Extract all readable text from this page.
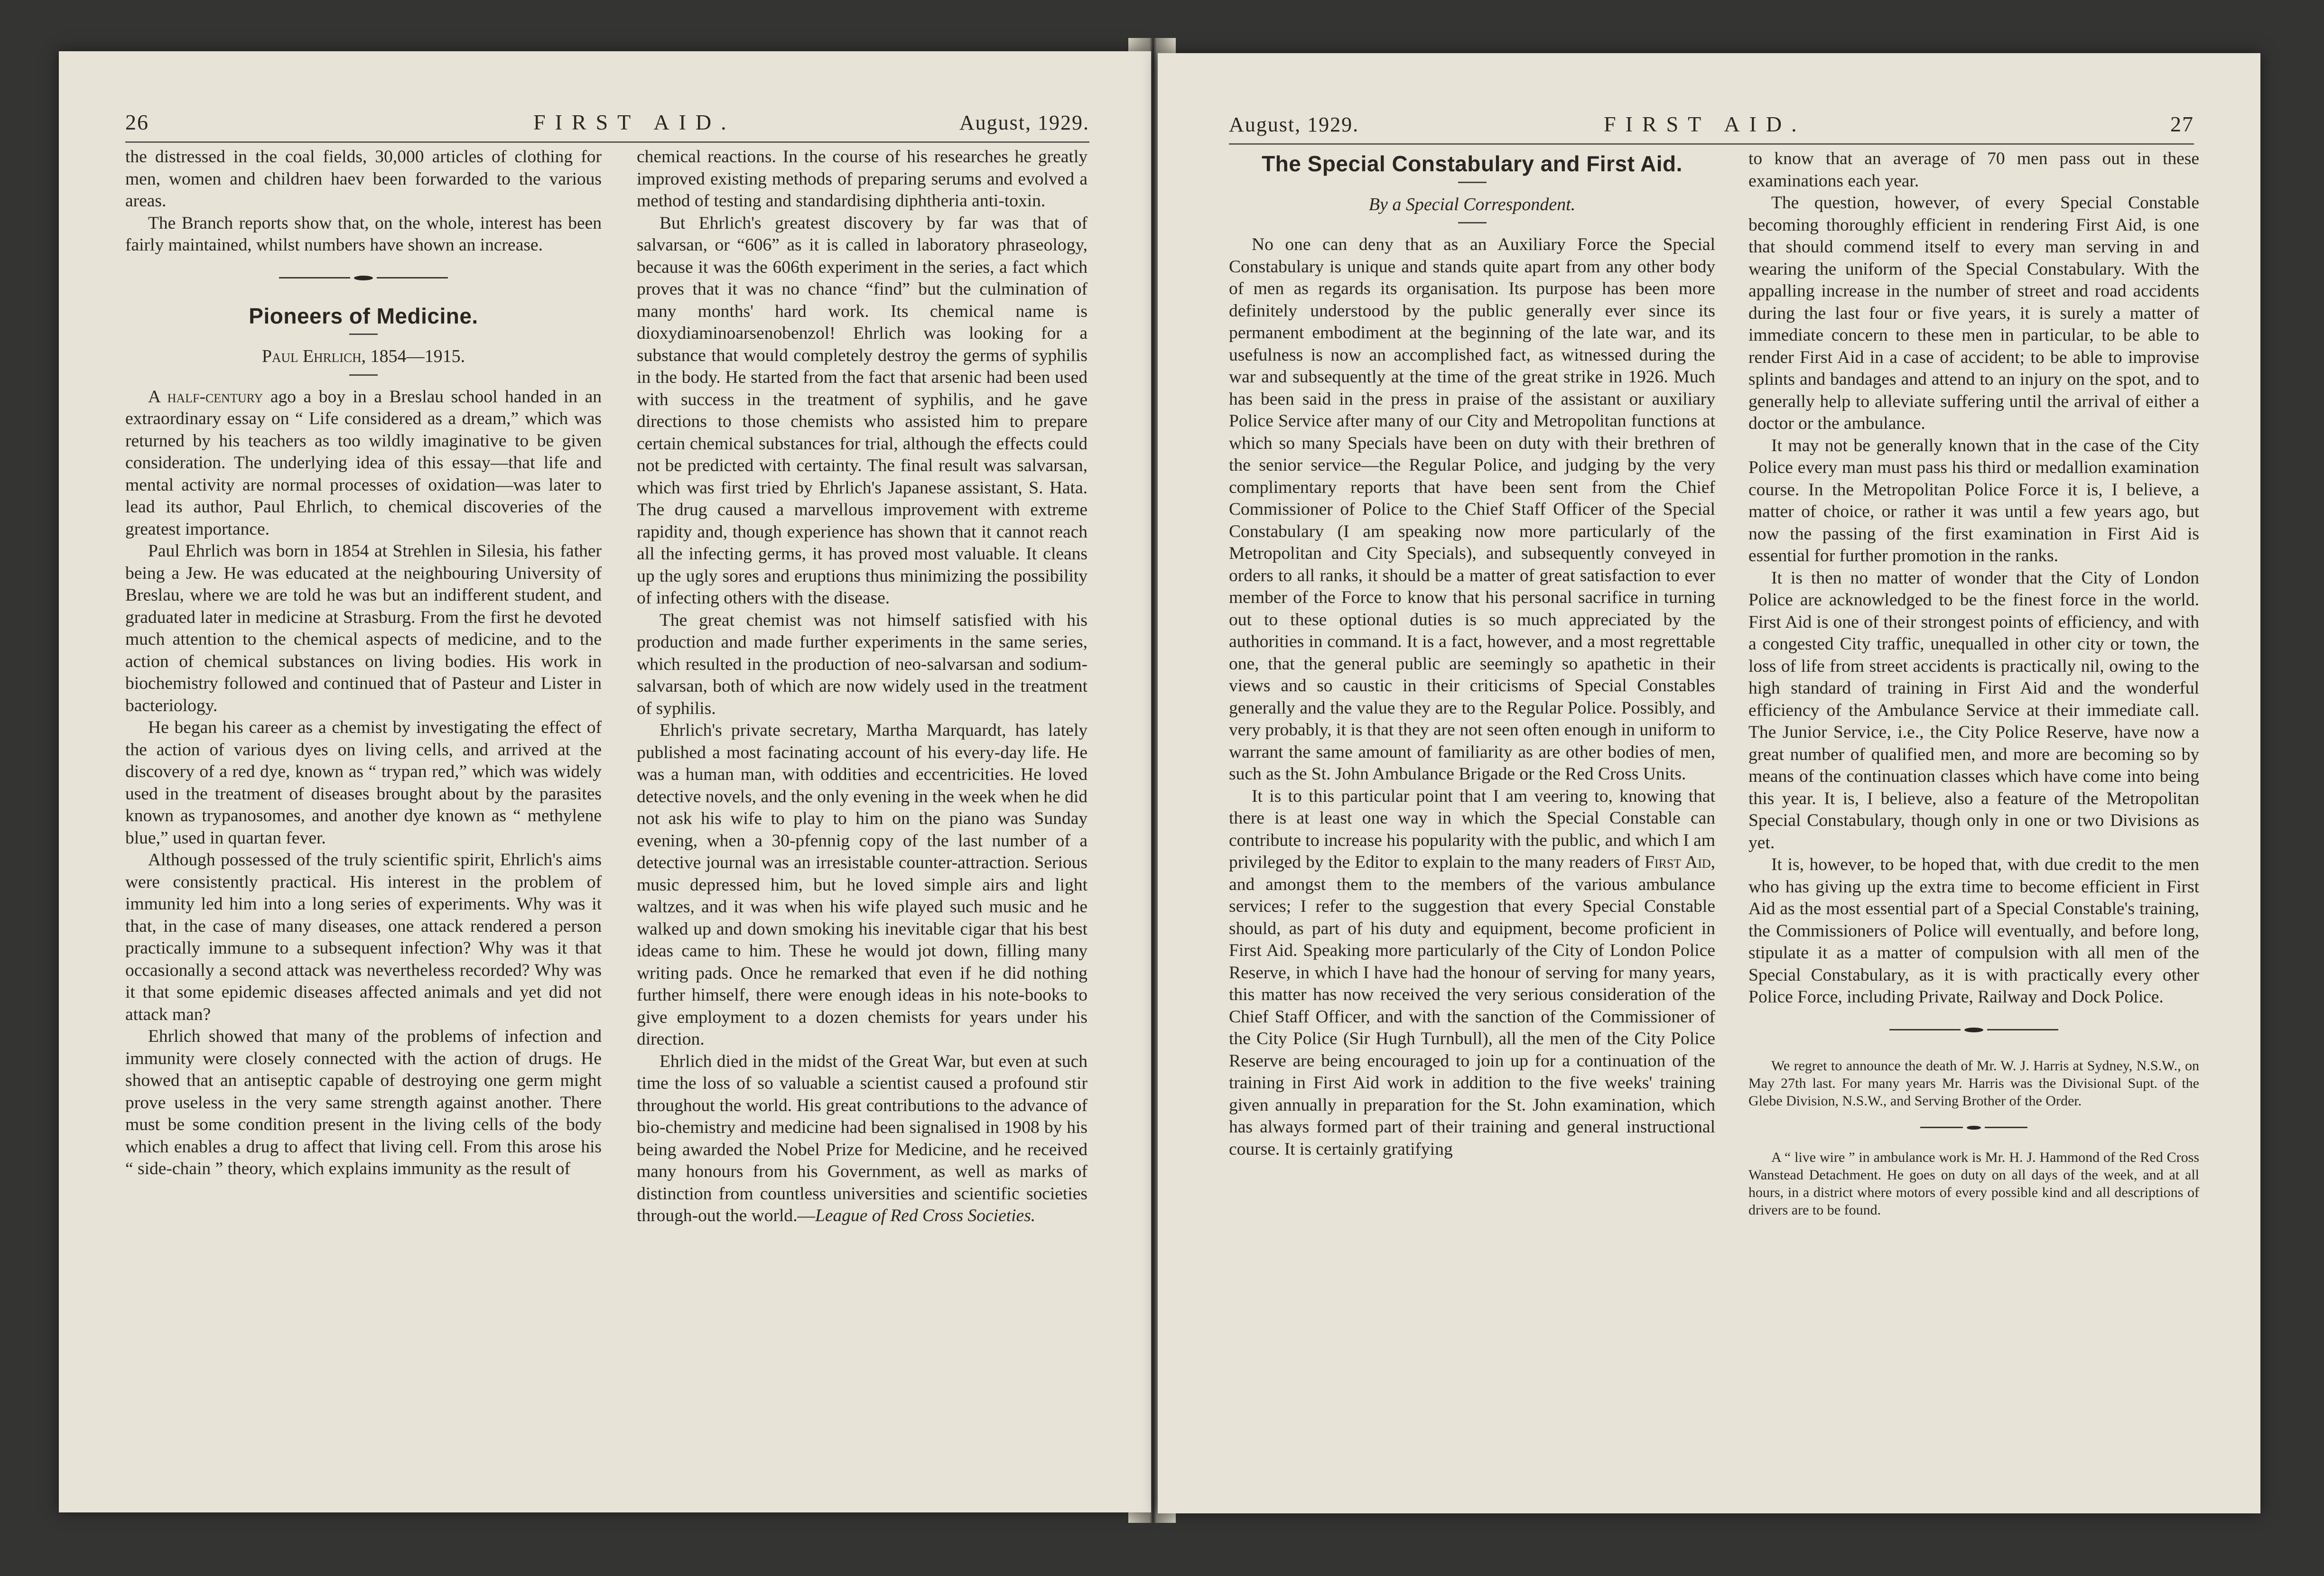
26	FIRST AID.	August, 1929.

the distressed in the coal fields, 30,000 articles of clothing for men, women and children haev been forwarded to the various areas.

The Branch reports show that, on the whole, interest has been fairly maintained, whilst numbers have shown an increase.

Pioneers of Medicine.
Paul Ehrlich, 1854—1915.

A half-century ago a boy in a Breslau school handed in an extraordinary essay on “ Life considered as a dream,” which was returned by his teachers as too wildly imaginative to be given consideration. The underlying idea of this essay—that life and mental activity are normal processes of oxidation—was later to lead its author, Paul Ehrlich, to chemical discoveries of the greatest importance.

Paul Ehrlich was born in 1854 at Strehlen in Silesia, his father being a Jew. He was educated at the neighbouring University of Breslau, where we are told he was but an indifferent student, and graduated later in medicine at Strasburg. From the first he devoted much attention to the chemical aspects of medicine, and to the action of chemical substances on living bodies. His work in biochemistry followed and continued that of Pasteur and Lister in bacteriology.

He began his career as a chemist by investigating the effect of the action of various dyes on living cells, and arrived at the discovery of a red dye, known as “ trypan red,” which was widely used in the treatment of diseases brought about by the parasites known as trypanosomes, and another dye known as “ methylene blue,” used in quartan fever.

Although possessed of the truly scientific spirit, Ehrlich's aims were consistently practical. His interest in the problem of immunity led him into a long series of experiments. Why was it that, in the case of many diseases, one attack rendered a person practically immune to a subsequent infection? Why was it that occasionally a second attack was nevertheless recorded? Why was it that some epidemic diseases affected animals and yet did not attack man?

Ehrlich showed that many of the problems of infection and immunity were closely connected with the action of drugs. He showed that an antiseptic capable of destroying one germ might prove useless in the very same strength against another. There must be some condition present in the living cells of the body which enables a drug to affect that living cell. From this arose his “ side-chain ” theory, which explains immunity as the result of

chemical reactions. In the course of his researches he greatly improved existing methods of preparing serums and evolved a method of testing and standardising diphtheria anti-toxin.

But Ehrlich's greatest discovery by far was that of salvarsan, or “606” as it is called in laboratory phraseology, because it was the 606th experiment in the series, a fact which proves that it was no chance “find” but the culmination of many months' hard work. Its chemical name is dioxydiaminoarsenobenzol! Ehrlich was looking for a substance that would completely destroy the germs of syphilis in the body. He started from the fact that arsenic had been used with success in the treatment of syphilis, and he gave directions to those chemists who assisted him to prepare certain chemical substances for trial, although the effects could not be predicted with certainty. The final result was salvarsan, which was first tried by Ehrlich's Japanese assistant, S. Hata. The drug caused a marvellous improvement with extreme rapidity and, though experience has shown that it cannot reach all the infecting germs, it has proved most valuable. It cleans up the ugly sores and eruptions thus minimizing the possibility of infecting others with the disease.

The great chemist was not himself satisfied with his production and made further experiments in the same series, which resulted in the production of neo-salvarsan and sodium-salvarsan, both of which are now widely used in the treatment of syphilis.

Ehrlich's private secretary, Martha Marquardt, has lately published a most facinating account of his every-day life. He was a human man, with oddities and eccentricities. He loved detective novels, and the only evening in the week when he did not ask his wife to play to him on the piano was Sunday evening, when a 30-pfennig copy of the last number of a detective journal was an irresistable counter-attraction. Serious music depressed him, but he loved simple airs and light waltzes, and it was when his wife played such music and he walked up and down smoking his inevitable cigar that his best ideas came to him. These he would jot down, filling many writing pads. Once he remarked that even if he did nothing further himself, there were enough ideas in his note-books to give employment to a dozen chemists for years under his direction.

Ehrlich died in the midst of the Great War, but even at such time the loss of so valuable a scientist caused a profound stir throughout the world. His great contributions to the advance of bio-chemistry and medicine had been signalised in 1908 by his being awarded the Nobel Prize for Medicine, and he received many honours from his Government, as well as marks of distinction from countless universities and scientific societies through-out the world.—League of Red Cross Societies.

August, 1929.	FIRST AID.	27
The Special Constabulary and First Aid.
By a Special Correspondent.

No one can deny that as an Auxiliary Force the Special Constabulary is unique and stands quite apart from any other body of men as regards its organisation. Its purpose has been more definitely understood by the public generally ever since its permanent embodiment at the beginning of the late war, and its usefulness is now an accomplished fact, as witnessed during the war and subsequently at the time of the great strike in 1926. Much has been said in the press in praise of the assistant or auxiliary Police Service after many of our City and Metropolitan functions at which so many Specials have been on duty with their brethren of the senior service—the Regular Police, and judging by the very complimentary reports that have been sent from the Chief Commissioner of Police to the Chief Staff Officer of the Special Constabulary (I am speaking now more particularly of the Metropolitan and City Specials), and subsequently conveyed in orders to all ranks, it should be a matter of great satisfaction to ever member of the Force to know that his personal sacrifice in turning out to these optional duties is so much appreciated by the authorities in command. It is a fact, however, and a most regrettable one, that the general public are seemingly so apathetic in their views and so caustic in their criticisms of Special Constables generally and the value they are to the Regular Police. Possibly, and very probably, it is that they are not seen often enough in uniform to warrant the same amount of familiarity as are other bodies of men, such as the St. John Ambulance Brigade or the Red Cross Units.

It is to this particular point that I am veering to, knowing that there is at least one way in which the Special Constable can contribute to increase his popularity with the public, and which I am privileged by the Editor to explain to the many readers of First Aid, and amongst them to the members of the various ambulance services; I refer to the suggestion that every Special Constable should, as part of his duty and equipment, become proficient in First Aid. Speaking more particularly of the City of London Police Reserve, in which I have had the honour of serving for many years, this matter has now received the very serious consideration of the Chief Staff Officer, and with the sanction of the Commissioner of the City Police (Sir Hugh Turnbull), all the men of the City Police Reserve are being encouraged to join up for a continuation of the training in First Aid work in addition to the five weeks' training given annually in preparation for the St. John examination, which has always formed part of their training and general instructional course. It is certainly gratifying

to know that an average of 70 men pass out in these examinations each year.

The question, however, of every Special Constable becoming thoroughly efficient in rendering First Aid, is one that should commend itself to every man serving in and wearing the uniform of the Special Constabulary. With the appalling increase in the number of street and road accidents during the last four or five years, it is surely a matter of immediate concern to these men in particular, to be able to render First Aid in a case of accident; to be able to improvise splints and bandages and attend to an injury on the spot, and to generally help to alleviate suffering until the arrival of either a doctor or the ambulance.

It may not be generally known that in the case of the City Police every man must pass his third or medallion examination course. In the Metropolitan Police Force it is, I believe, a matter of choice, or rather it was until a few years ago, but now the passing of the first examination in First Aid is essential for further promotion in the ranks.

It is then no matter of wonder that the City of London Police are acknowledged to be the finest force in the world. First Aid is one of their strongest points of efficiency, and with a congested City traffic, unequalled in other city or town, the loss of life from street accidents is practically nil, owing to the high standard of training in First Aid and the wonderful efficiency of the Ambulance Service at their immediate call. The Junior Service, i.e., the City Police Reserve, have now a great number of qualified men, and more are becoming so by means of the continuation classes which have come into being this year. It is, I believe, also a feature of the Metropolitan Special Constabulary, though only in one or two Divisions as yet.

It is, however, to be hoped that, with due credit to the men who has giving up the extra time to become efficient in First Aid as the most essential part of a Special Constable's training, the Commissioners of Police will eventually, and before long, stipulate it as a matter of compulsion with all men of the Special Constabulary, as it is with practically every other Police Force, including Private, Railway and Dock Police.

We regret to announce the death of Mr. W. J. Harris at Sydney, N.S.W., on May 27th last. For many years Mr. Harris was the Divisional Supt. of the Glebe Division, N.S.W., and Serving Brother of the Order.

A “ live wire ” in ambulance work is Mr. H. J. Hammond of the Red Cross Wanstead Detachment. He goes on duty on all days of the week, and at all hours, in a district where motors of every possible kind and all descriptions of drivers are to be found.
